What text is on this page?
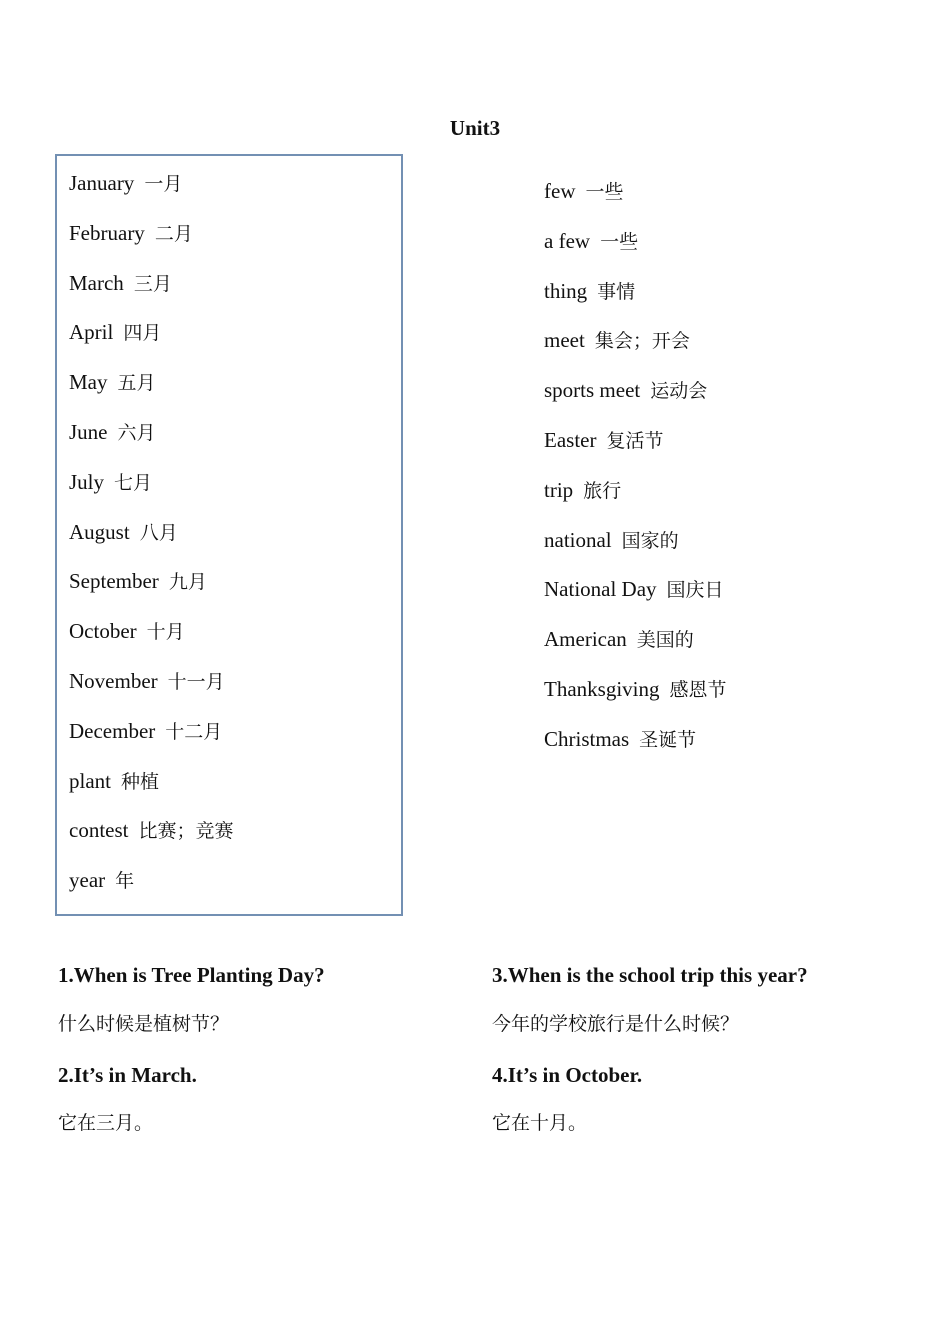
Unit3
January 一月
February 二月
March 三月
April 四月
May 五月
June 六月
July 七月
August 八月
September 九月
October 十月
November 十一月
December 十二月
plant 种植
contest 比赛；竞赛
year 年
few 一些
a few 一些
thing 事情
meet 集会；开会
sports meet 运动会
Easter 复活节
trip 旅行
national 国家的
National Day 国庆日
American 美国的
Thanksgiving 感恩节
Christmas 圣诞节
1.When is Tree Planting Day?
什么时候是植树节？
2.It’s in March.
它在三月。
3.When is the school trip this year?
今年的学校旅行是什么时候？
4.It’s in October.
它在十月。
